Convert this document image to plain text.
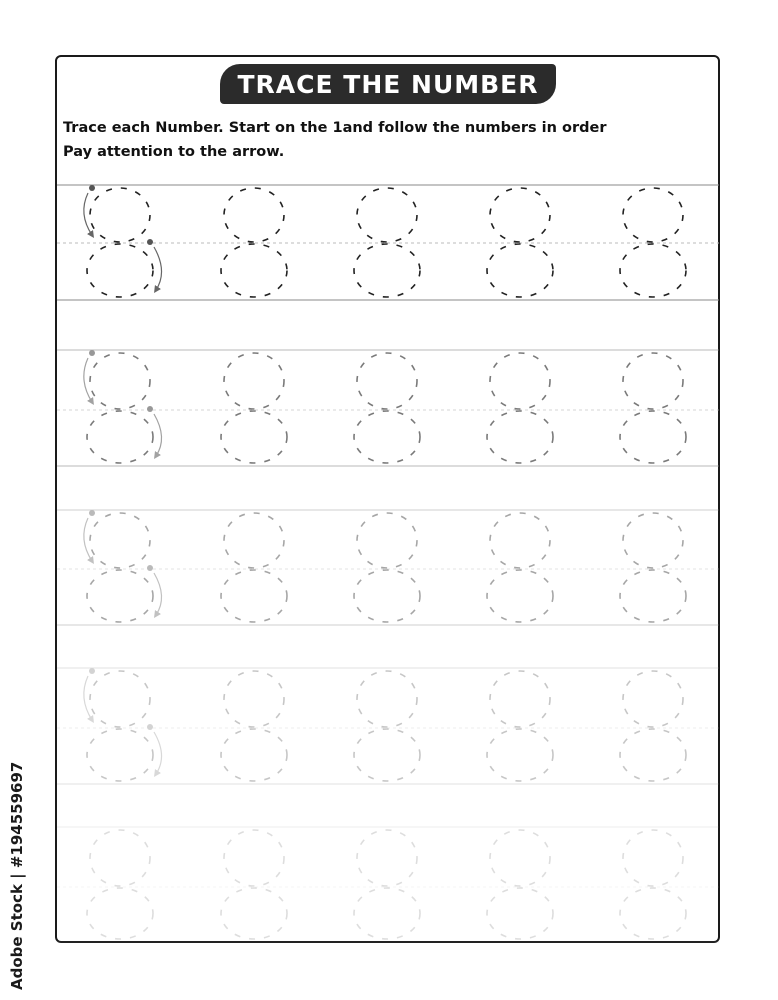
TRACE THE NUMBER
Trace each Number. Start on the 1and follow the numbers in order
Pay attention to the arrow.
Adobe Stock | #194559697
